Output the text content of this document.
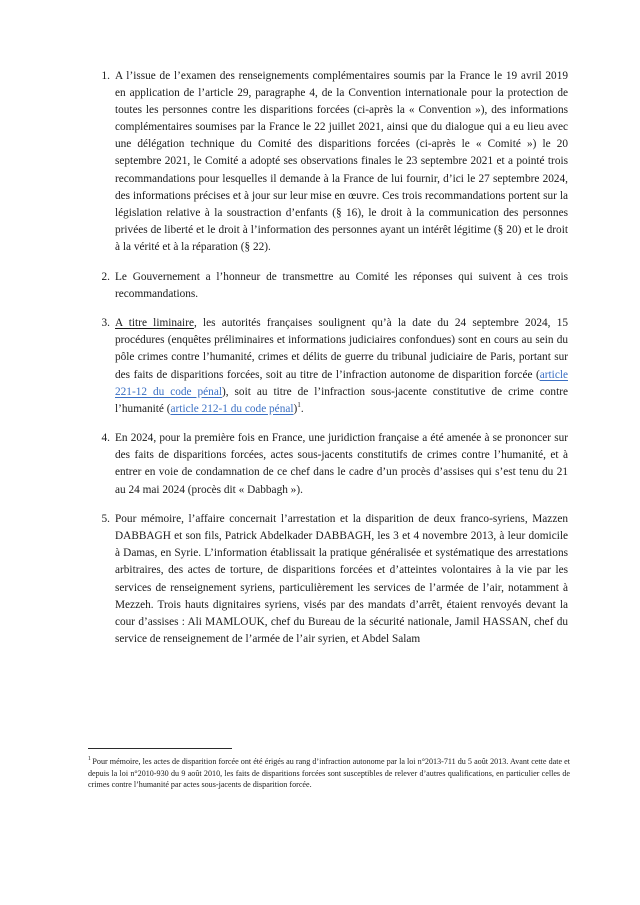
1. A l’issue de l’examen des renseignements complémentaires soumis par la France le 19 avril 2019 en application de l’article 29, paragraphe 4, de la Convention internationale pour la protection de toutes les personnes contre les disparitions forcées (ci-après la « Convention »), des informations complémentaires soumises par la France le 22 juillet 2021, ainsi que du dialogue qui a eu lieu avec une délégation technique du Comité des disparitions forcées (ci-après le « Comité ») le 20 septembre 2021, le Comité a adopté ses observations finales le 23 septembre 2021 et a pointé trois recommandations pour lesquelles il demande à la France de lui fournir, d’ici le 27 septembre 2024, des informations précises et à jour sur leur mise en œuvre. Ces trois recommandations portent sur la législation relative à la soustraction d’enfants (§ 16), le droit à la communication des personnes privées de liberté et le droit à l’information des personnes ayant un intérêt légitime (§ 20) et le droit à la vérité et à la réparation (§ 22).
2. Le Gouvernement a l’honneur de transmettre au Comité les réponses qui suivent à ces trois recommandations.
3. A titre liminaire, les autorités françaises soulignent qu’à la date du 24 septembre 2024, 15 procédures (enquêtes préliminaires et informations judiciaires confondues) sont en cours au sein du pôle crimes contre l’humanité, crimes et délits de guerre du tribunal judiciaire de Paris, portant sur des faits de disparitions forcées, soit au titre de l’infraction autonome de disparition forcée (article 221-12 du code pénal), soit au titre de l’infraction sous-jacente constitutive de crime contre l’humanité (article 212-1 du code pénal)$^1$.
4. En 2024, pour la première fois en France, une juridiction française a été amenée à se prononcer sur des faits de disparitions forcées, actes sous-jacents constitutifs de crimes contre l’humanité, et à entrer en voie de condamnation de ce chef dans le cadre d’un procès d’assises qui s’est tenu du 21 au 24 mai 2024 (procès dit « Dabbagh »).
5. Pour mémoire, l’affaire concernait l’arrestation et la disparition de deux franco-syriens, Mazzen DABBAGH et son fils, Patrick Abdelkader DABBAGH, les 3 et 4 novembre 2013, à leur domicile à Damas, en Syrie. L’information établissait la pratique généralisée et systématique des arrestations arbitraires, des actes de torture, de disparitions forcées et d’atteintes volontaires à la vie par les services de renseignement syriens, particulièrement les services de l’armée de l’air, notamment à Mezzeh. Trois hauts dignitaires syriens, visés par des mandats d’arrêt, étaient renvoyés devant la cour d’assises : Ali MAMLOUK, chef du Bureau de la sécurité nationale, Jamil HASSAN, chef du service de renseignement de l’armée de l’air syrien, et Abdel Salam
$^1$ Pour mémoire, les actes de disparition forcée ont été érigés au rang d’infraction autonome par la loi n°2013-711 du 5 août 2013. Avant cette date et depuis la loi n°2010-930 du 9 août 2010, les faits de disparitions forcées sont susceptibles de relever d’autres qualifications, en particulier celles de crimes contre l’humanité par actes sous-jacents de disparition forcée.
